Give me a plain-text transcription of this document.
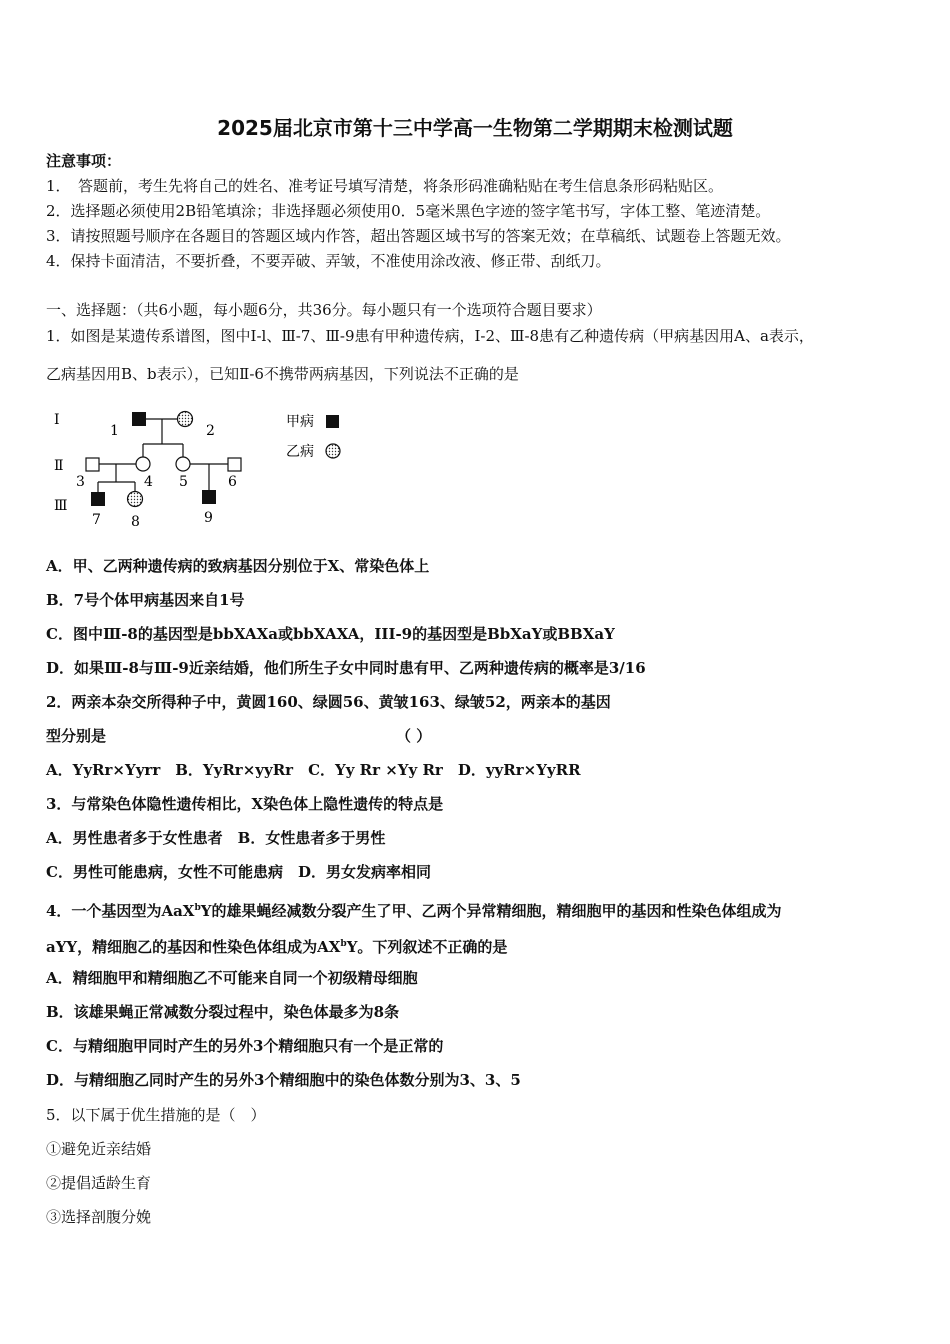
2025届北京市第十三中学高一生物第二学期期末检测试题
注意事项：
1．　答题前，考生先将自己的姓名、准考证号填写清楚，将条形码准确粘贴在考生信息条形码粘贴区。
2．选择题必须使用2B铅笔填涂；非选择题必须使用0．5毫米黑色字迹的签字笔书写，字体工整、笔迹清楚。
3．请按照题号顺序在各题目的答题区域内作答，超出答题区域书写的答案无效；在草稿纸、试题卷上答题无效。
4．保持卡面清洁，不要折叠，不要弄破、弄皱，不准使用涂改液、修正带、刮纸刀。
一、选择题：（共6小题，每小题6分，共36分。每小题只有一个选项符合题目要求）
1．如图是某遗传系谱图，图中Ⅰ-l、Ⅲ-7、Ⅲ-9患有甲种遗传病，Ⅰ-2、Ⅲ-8患有乙种遗传病（甲病基因用A、a表示，
乙病基因用B、b表示），已知Ⅱ-6不携带两病基因，下列说法不正确的是
Ⅰ
Ⅱ
Ⅲ
1	2
3	4 5	6
7 8	9
甲病
乙病
A．甲、乙两种遗传病的致病基因分别位于X、常染色体上
B．7号个体甲病基因来自1号
C．图中Ⅲ-8的基因型是bbXAXa或bbXAXA，III-9的基因型是BbXaY或BBXaY
D．如果Ⅲ-8与Ⅲ-9近亲结婚，他们所生子女中同时患有甲、乙两种遗传病的概率是3/16
2．两亲本杂交所得种子中，黄圆160、绿圆56、黄皱163、绿皱52，两亲本的基因
型分别是	（ ）
A．YyRr×Yyrr　B．YyRr×yyRr　C．Yy Rr ×Yy Rr　D．yyRr×YyRR
3．与常染色体隐性遗传相比，X染色体上隐性遗传的特点是
A．男性患者多于女性患者　B．女性患者多于男性
C．男性可能患病，女性不可能患病　D．男女发病率相同
4．一个基因型为AaX$^b$Y的雄果蝇经减数分裂产生了甲、乙两个异常精细胞，精细胞甲的基因和性染色体组成为
aYY，精细胞乙的基因和性染色体组成为$AX^bY$。下列叙述不正确的是
A．精细胞甲和精细胞乙不可能来自同一个初级精母细胞
B．该雄果蝇正常减数分裂过程中，染色体最多为8条
C．与精细胞甲同时产生的另外3个精细胞只有一个是正常的
D．与精细胞乙同时产生的另外3个精细胞中的染色体数分别为3、3、5
5．以下属于优生措施的是（　）
①避免近亲结婚
②提倡适龄生育
③选择剖腹分娩
